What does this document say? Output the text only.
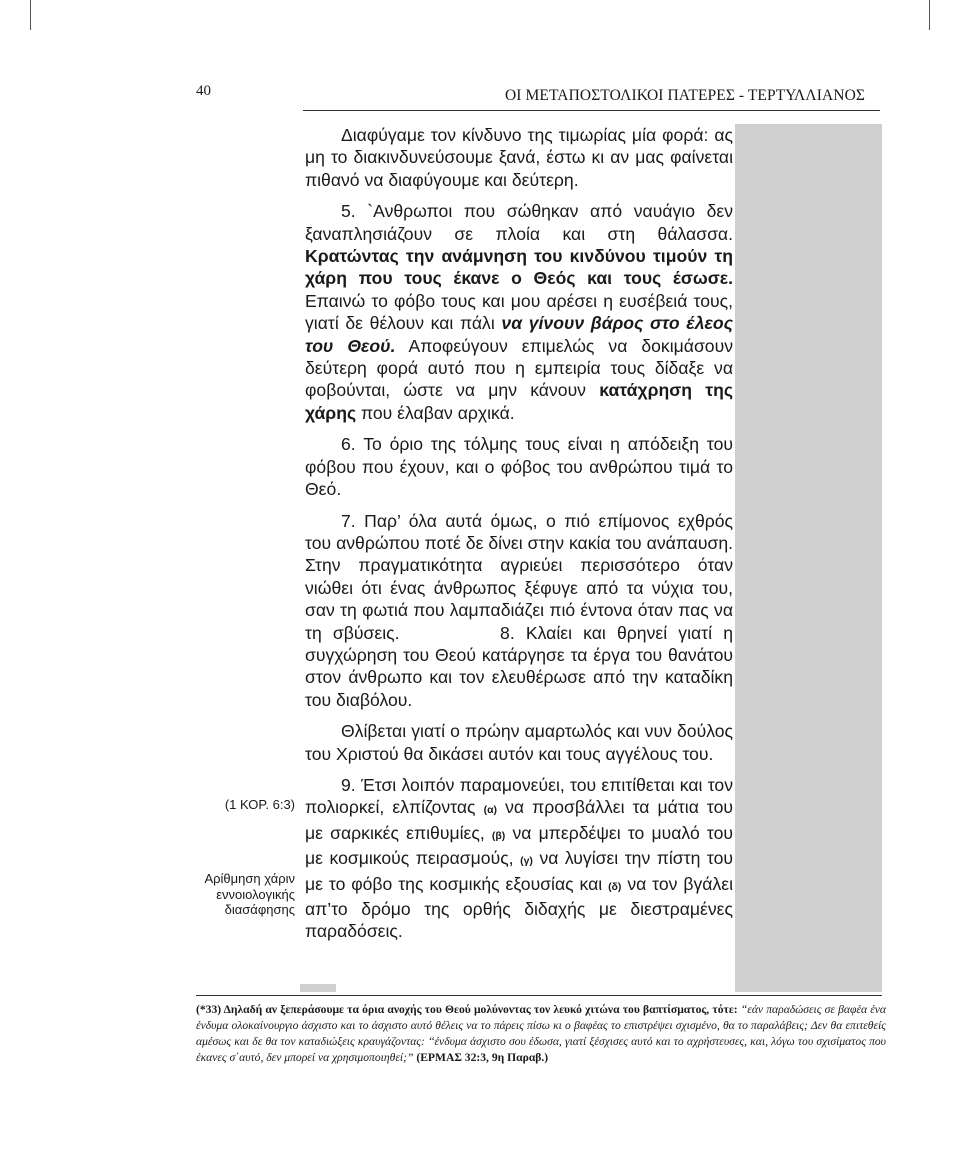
40	ΟΙ ΜΕΤΑΠΟΣΤΟΛΙΚΟΙ ΠΑΤΕΡΕΣ - ΤΕΡΤΥΛΛΙΑΝΟΣ

Διαφύγαμε τον κίνδυνο της τιμωρίας μία φορά: ας μη το διακινδυνεύσουμε ξανά, έστω κι αν μας φαίνεται πιθανό να διαφύγουμε και δεύτερη.

5. `Ανθρωποι που σώθηκαν από ναυάγιο δεν ξαναπλησιάζουν σε πλοία και στη θάλασσα. Κρατώντας την ανάμνηση του κινδύνου τιμούν τη χάρη που τους έκανε ο Θεός και τους έσωσε. Επαινώ το φόβο τους και μου αρέσει η ευσέβειά τους, γιατί δε θέλουν και πάλι να γίνουν βάρος στο έλεος του Θεού. Αποφεύγουν επιμελώς να δοκιμάσουν δεύτερη φορά αυτό που η εμπειρία τους δίδαξε να φοβούνται, ώστε να μην κάνουν κατάχρηση της χάρης που έλαβαν αρχικά.

6. Το όριο της τόλμης τους είναι η απόδειξη του φόβου που έχουν, και ο φόβος του ανθρώπου τιμά το Θεό.

7. Παρ’ όλα αυτά όμως, ο πιό επίμονος εχθρός του ανθρώπου ποτέ δε δίνει στην κακία του ανάπαυση. Στην πραγματικότητα αγριεύει περισσότερο όταν νιώθει ότι ένας άνθρωπος ξέφυγε από τα νύχια του, σαν τη φωτιά που λαμπαδιάζει πιό έντονα όταν πας να τη σβύσεις.	8. Κλαίει και θρηνεί γιατί η συγχώρηση του Θεού κατάργησε τα έργα του θανάτου στον άνθρωπο και τον ελευθέρωσε από την καταδίκη του διαβόλου.

Θλίβεται γιατί ο πρώην αμαρτωλός και νυν δούλος του Χριστού θα δικάσει αυτόν και τους αγγέλους του.

9. Έτσι λοιπόν παραμονεύει, του επιτίθεται και τον πολιορκεί, ελπίζοντας (α) να προσβάλλει τα μάτια του με σαρκικές επιθυμίες, (β) να μπερδέψει το μυαλό του με κοσμικούς πειρασμούς, (γ) να λυγίσει την πίστη του με το φόβο της κοσμικής εξουσίας και (δ) να τον βγάλει απ’το δρόμο της ορθής διδαχής με διεστραμένες παραδόσεις.

(1 ΚΟΡ. 6:3)
Αρίθμηση χάριν εννοιολογικής διασάφησης
(*33) Δηλαδή αν ξεπεράσουμε τα όρια ανοχής του Θεού μολύνοντας τον λευκό χιτώνα του βαπτίσματος, τότε: “εάν παραδώσεις σε βαφέα ένα ένδυμα ολοκαίνουργιο άσχιστο και το άσχιστο αυτό θέλεις να το πάρεις πίσω κι ο βαφέας το επιστρέψει σχισμένο, θα το παραλάβεις; Δεν θα επιτεθείς αμέσως και δε θα τον καταδιώξεις κραυγάζοντας: ‘‘ένδυμα άσχιστο σου έδωσα, γιατί ξέσχισες αυτό και το αχρήστευσες, και, λόγω του σχισίματος που έκανες σ΄αυτό, δεν μπορεί να χρησιμοποιηθεί;” (ΕΡΜΑΣ 32:3, 9η Παραβ.)
